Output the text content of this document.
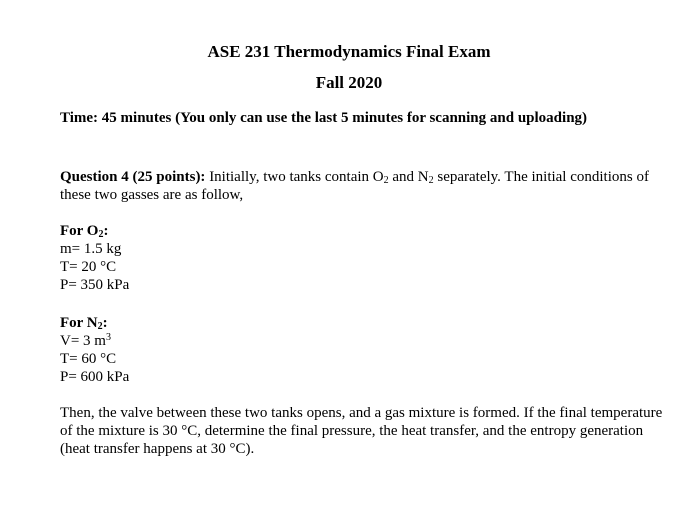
ASE 231 Thermodynamics Final Exam

Fall 2020

Time: 45 minutes (You only can use the last 5 minutes for scanning and uploading)

Question 4 (25 points): Initially, two tanks contain $O_2$ and $N_2$ separately. The initial conditions of these two gasses are as follow,

For $O_2$:
m= 1.5 kg
T= 20 °C
P= 350 kPa
For $N_2$:
V= 3 $m^3$
T= 60 °C
P= 600 kPa

Then, the valve between these two tanks opens, and a gas mixture is formed. If the final temperature of the mixture is 30 °C, determine the final pressure, the heat transfer, and the entropy generation (heat transfer happens at 30 °C).
